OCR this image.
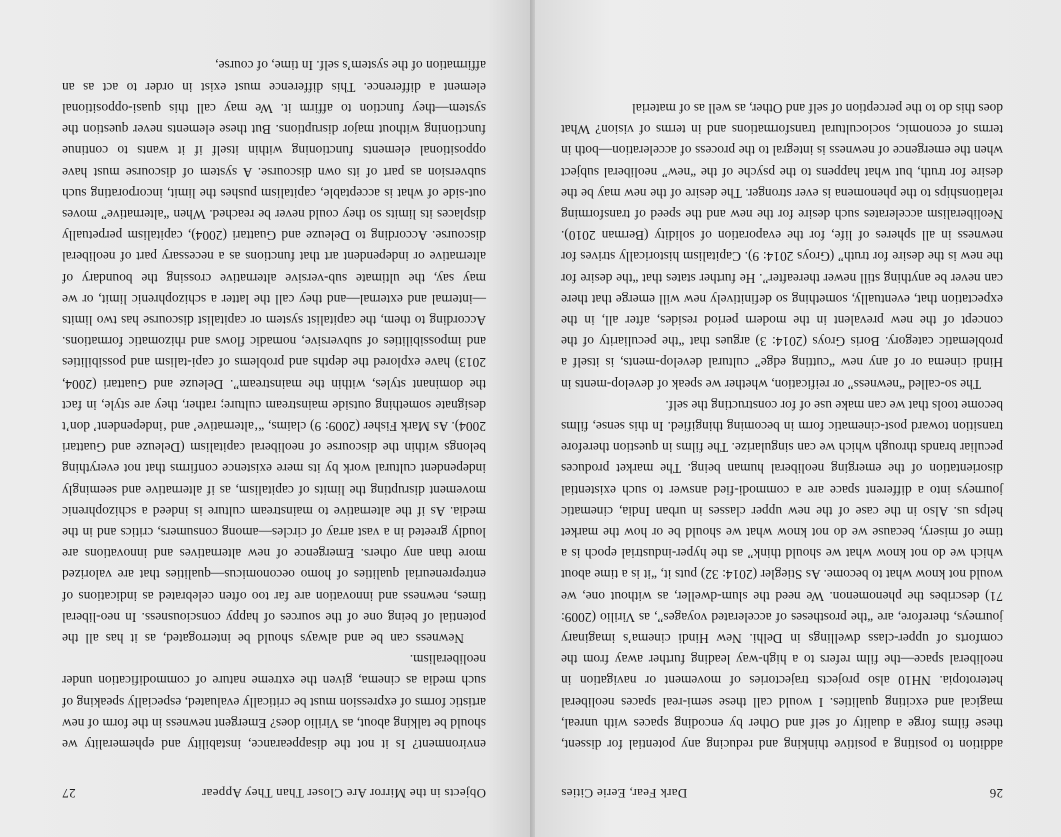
26
Dark Fear, Eerie Cities

addition to positing a positive thinking and reducing any potential for dissent, these films forge a duality of self and Other by encoding spaces with unreal, magical and exciting qualities. I would call these semi-real spaces neoliberal heterotopia. NH10 also projects trajectories of movement or navigation in neoliberal space—the film refers to a high-way leading further away from the comforts of upper-class dwellings in Delhi. New Hindi cinema’s imaginary journeys, therefore, are “the prostheses of accelerated voyages”, as Virilio (2009: 71) describes the phenomenon. We need the slum-dweller, as without one, we would not know what to become. As Stiegler (2014: 32) puts it, “it is a time about which we do not know what we should think” as the hyper-industrial epoch is a time of misery, because we do not know what we should be or how the market helps us. Also in the case of the new upper classes in urban India, cinematic journeys into a different space are a commodi-fied answer to such existential disorientation of the emerging neoliberal human being. The market produces peculiar brands through which we can singularize. The films in question therefore transition toward post-cinematic form in becoming thingified. In this sense, films become tools that we can make use of for constructing the self.

The so-called “newness” or reification, whether we speak of develop-ments in Hindi cinema or of any new “cutting edge” cultural develop-ments, is itself a problematic category. Boris Groys (2014: 3) argues that “the peculiarity of the concept of the new prevalent in the modern period resides, after all, in the expectation that, eventually, something so definitively new will emerge that there can never be anything still newer thereafter”. He further states that “the desire for the new is the desire for truth” (Groys 2014: 9). Capitalism historically strives for newness in all spheres of life, for the evaporation of solidity (Berman 2010). Neoliberalism accelerates such desire for the new and the speed of transforming relationships to the phenomena is ever stronger. The desire of the new may be the desire for truth, but what happens to the psyche of the “new” neoliberal subject when the emergence of newness is integral to the process of acceleration—both in terms of economic, sociocultural transformations and in terms of vision? What does this do to the perception of self and Other, as well as of material

Objects in the Mirror Are Closer Than They Appear
27

environment? Is it not the disappearance, instability and ephemerality we should be talking about, as Virilio does? Emergent newness in the form of new artistic forms of expression must be critically evaluated, especially speaking of such media as cinema, given the extreme nature of commodification under neoliberalism.

Newness can be and always should be interrogated, as it has all the potential of being one of the sources of happy consciousness. In neo-liberal times, newness and innovation are far too often celebrated as indications of entrepreneurial qualities of homo oeconomicus—qualities that are valorized more than any others. Emergence of new alternatives and innovations are loudly greeted in a vast array of circles—among consumers, critics and in the media. As if the alternative to mainstream culture is indeed a schizophrenic movement disrupting the limits of capitalism, as if alternative and seemingly independent cultural work by its mere existence confirms that not everything belongs within the discourse of neoliberal capitalism (Deleuze and Guattari 2004). As Mark Fisher (2009: 9) claims, “‘alternative’ and ‘independent’ don’t designate something outside mainstream culture; rather, they are style, in fact the dominant styles, within the mainstream”. Deleuze and Guattari (2004, 2013) have explored the depths and problems of capi-talism and possibilities and impossibilities of subversive, nomadic flows and rhizomatic formations. According to them, the capitalist system or capitalist discourse has two limits—internal and external—and they call the latter a schizophrenic limit, or we may say, the ultimate sub-versive alternative crossing the boundary of alternative or independent art that functions as a necessary part of neoliberal discourse. According to Deleuze and Guattari (2004), capitalism perpetually displaces its limits so they could never be reached. When “alternative” moves out-side of what is acceptable, capitalism pushes the limit, incorporating such subversion as part of its own discourse. A system of discourse must have oppositional elements functioning within itself if it wants to continue functioning without major disruptions. But these elements never question the system—they function to affirm it. We may call this quasi-oppositional element a difference. This difference must exist in order to act as an affirmation of the system’s self. In time, of course,
